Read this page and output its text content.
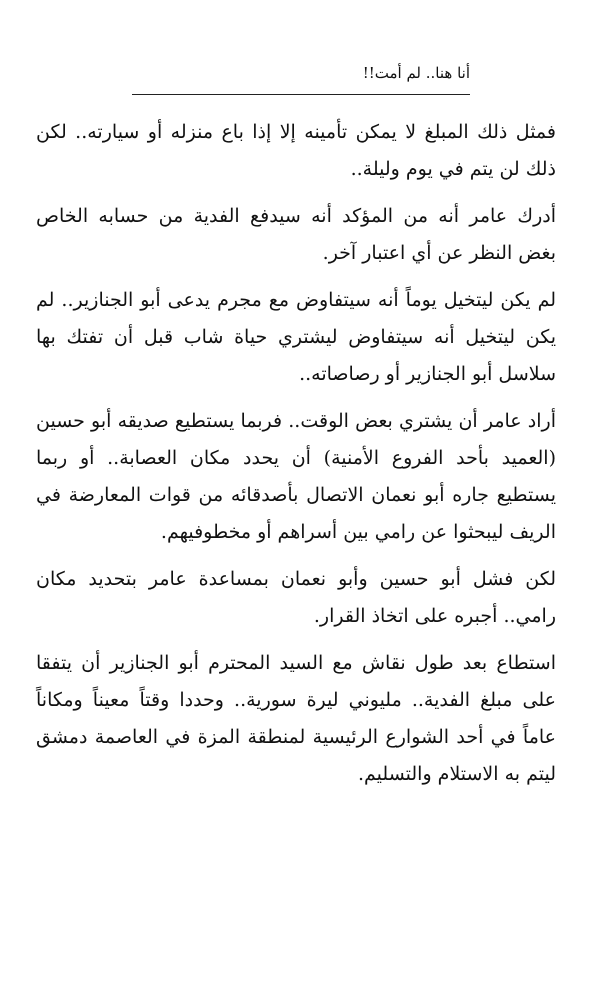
أنا هنا.. لم أمت!!

فمثل ذلك المبلغ لا يمكن تأمينه إلا إذا باع منزله أو سيارته.. لكن ذلك لن يتم في يوم وليلة..

أدرك عامر أنه من المؤكد أنه سيدفع الفدية من حسابه الخاص بغض النظر عن أي اعتبار آخر.

لم يكن ليتخيل يوماً أنه سيتفاوض مع مجرم يدعى أبو الجنازير.. لم يكن ليتخيل أنه سيتفاوض ليشتري حياة شاب قبل أن تفتك بها سلاسل أبو الجنازير أو رصاصاته..

أراد عامر أن يشتري بعض الوقت.. فربما يستطيع صديقه أبو حسين (العميد بأحد الفروع الأمنية) أن يحدد مكان العصابة.. أو ربما يستطيع جاره أبو نعمان الاتصال بأصدقائه من قوات المعارضة في الريف ليبحثوا عن رامي بين أسراهم أو مخطوفيهم.

لكن فشل أبو حسين وأبو نعمان بمساعدة عامر بتحديد مكان رامي.. أجبره على اتخاذ القرار.

استطاع بعد طول نقاش مع السيد المحترم أبو الجنازير أن يتفقا على مبلغ الفدية.. مليوني ليرة سورية.. وحددا وقتاً معيناً ومكاناً عاماً في أحد الشوارع الرئيسية لمنطقة المزة في العاصمة دمشق ليتم به الاستلام والتسليم.
